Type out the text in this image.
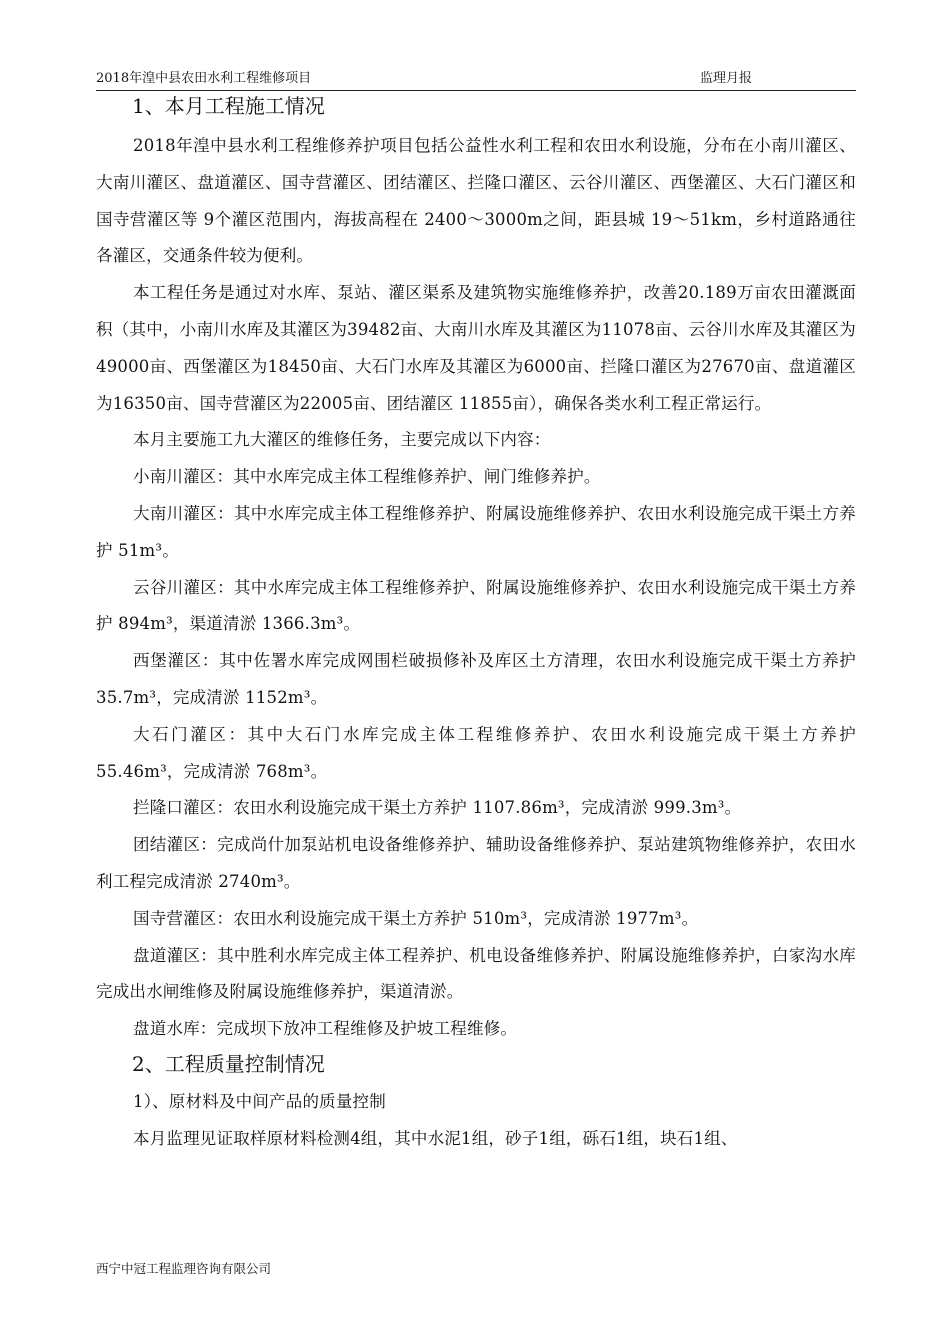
2018年湟中县农田水利工程维修项目	监理月报

1、本月工程施工情况

2018年湟中县水利工程维修养护项目包括公益性水利工程和农田水利设施，分布在小南川灌区、大南川灌区、盘道灌区、国寺营灌区、团结灌区、拦隆口灌区、云谷川灌区、西堡灌区、大石门灌区和国寺营灌区等 9个灌区范围内，海拔高程在 2400～3000m之间，距县城 19～51km，乡村道路通往各灌区，交通条件较为便利。

本工程任务是通过对水库、泵站、灌区渠系及建筑物实施维修养护，改善20.189万亩农田灌溉面积（其中，小南川水库及其灌区为39482亩、大南川水库及其灌区为11078亩、云谷川水库及其灌区为49000亩、西堡灌区为18450亩、大石门水库及其灌区为6000亩、拦隆口灌区为27670亩、盘道灌区为16350亩、国寺营灌区为22005亩、团结灌区 11855亩），确保各类水利工程正常运行。

本月主要施工九大灌区的维修任务，主要完成以下内容：

小南川灌区：其中水库完成主体工程维修养护、闸门维修养护。

大南川灌区：其中水库完成主体工程维修养护、附属设施维修养护、农田水利设施完成干渠土方养护 51m³。

云谷川灌区：其中水库完成主体工程维修养护、附属设施维修养护、农田水利设施完成干渠土方养护 894m³，渠道清淤 1366.3m³。

西堡灌区：其中佐署水库完成网围栏破损修补及库区土方清理，农田水利设施完成干渠土方养护 35.7m³，完成清淤 1152m³。

大石门灌区：其中大石门水库完成主体工程维修养护、农田水利设施完成干渠土方养护 55.46m³，完成清淤 768m³。

拦隆口灌区：农田水利设施完成干渠土方养护 1107.86m³，完成清淤 999.3m³。

团结灌区：完成尚什加泵站机电设备维修养护、辅助设备维修养护、泵站建筑物维修养护，农田水利工程完成清淤 2740m³。

国寺营灌区：农田水利设施完成干渠土方养护 510m³，完成清淤 1977m³。

盘道灌区：其中胜利水库完成主体工程养护、机电设备维修养护、附属设施维修养护，白家沟水库完成出水闸维修及附属设施维修养护，渠道清淤。

盘道水库：完成坝下放冲工程维修及护坡工程维修。

2、工程质量控制情况

1）、原材料及中间产品的质量控制

本月监理见证取样原材料检测4组，其中水泥1组，砂子1组，砾石1组，块石1组、

西宁中冠工程监理咨询有限公司
